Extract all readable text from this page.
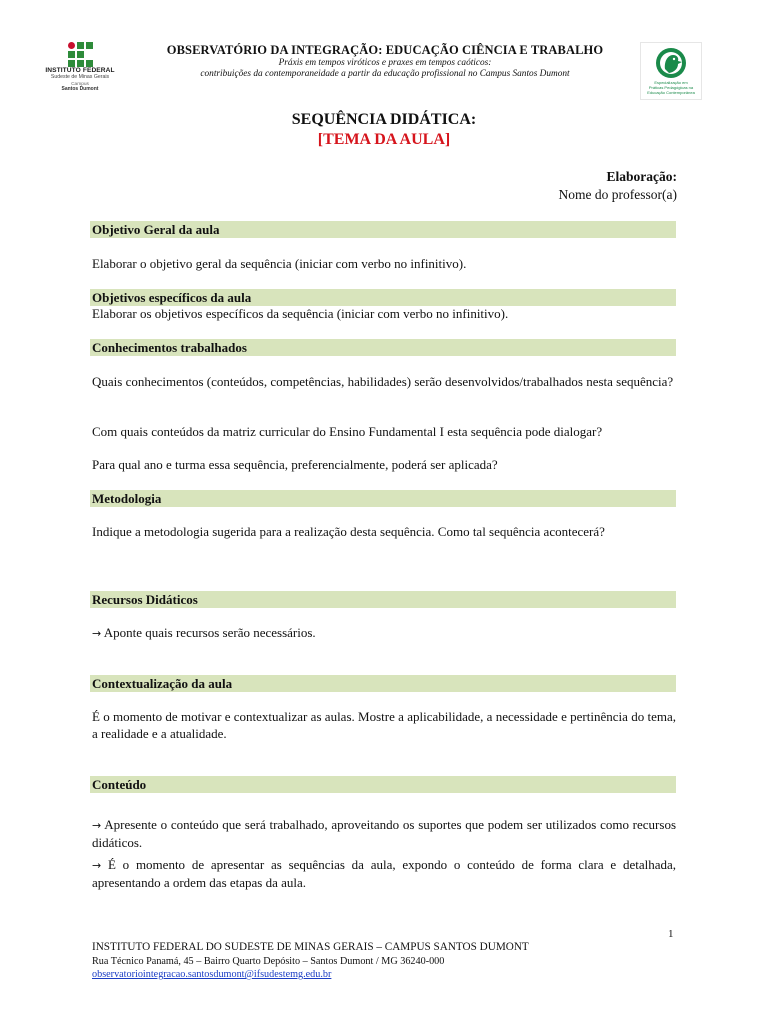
INSTITUTO FEDERAL
Sudeste de Minas Gerais
Campus
Santos Dumont
OBSERVATÓRIO DA INTEGRAÇÃO: EDUCAÇÃO CIÊNCIA E TRABALHO
Práxis em tempos viróticos e praxes em tempos caóticos:
contribuições da contemporaneidade a partir da educação profissional no Campus Santos Dumont
Especialização em
Práticas Pedagógicas na
Educação Contemporânea
SEQUÊNCIA DIDÁTICA:
[TEMA DA AULA]
Elaboração:
Nome do professor(a)
Objetivo Geral da aula
Elaborar o objetivo geral da sequência (iniciar com verbo no infinitivo).
Objetivos específicos da aula
Elaborar os objetivos específicos da sequência (iniciar com verbo no infinitivo).
Conhecimentos trabalhados
Quais conhecimentos (conteúdos, competências, habilidades) serão desenvolvidos/trabalhados nesta sequência?
Com quais conteúdos da matriz curricular do Ensino Fundamental I esta sequência pode dialogar?
Para qual ano e turma essa sequência, preferencialmente, poderá ser aplicada?
Metodologia
Indique a metodologia sugerida para a realização desta sequência. Como tal sequência acontecerá?
Recursos Didáticos
→ Aponte quais recursos serão necessários.
Contextualização da aula
É o momento de motivar e contextualizar as aulas. Mostre a aplicabilidade, a necessidade e pertinência do tema, a realidade e a atualidade.
Conteúdo
→ Apresente o conteúdo que será trabalhado, aproveitando os suportes que podem ser utilizados como recursos didáticos.
→ É o momento de apresentar as sequências da aula, expondo o conteúdo de forma clara e detalhada, apresentando a ordem das etapas da aula.
1
INSTITUTO FEDERAL DO SUDESTE DE MINAS GERAIS – CAMPUS SANTOS DUMONT
Rua Técnico Panamá, 45 – Bairro Quarto Depósito – Santos Dumont / MG 36240-000
observatoriointegracao.santosdumont@ifsudestemg.edu.br
